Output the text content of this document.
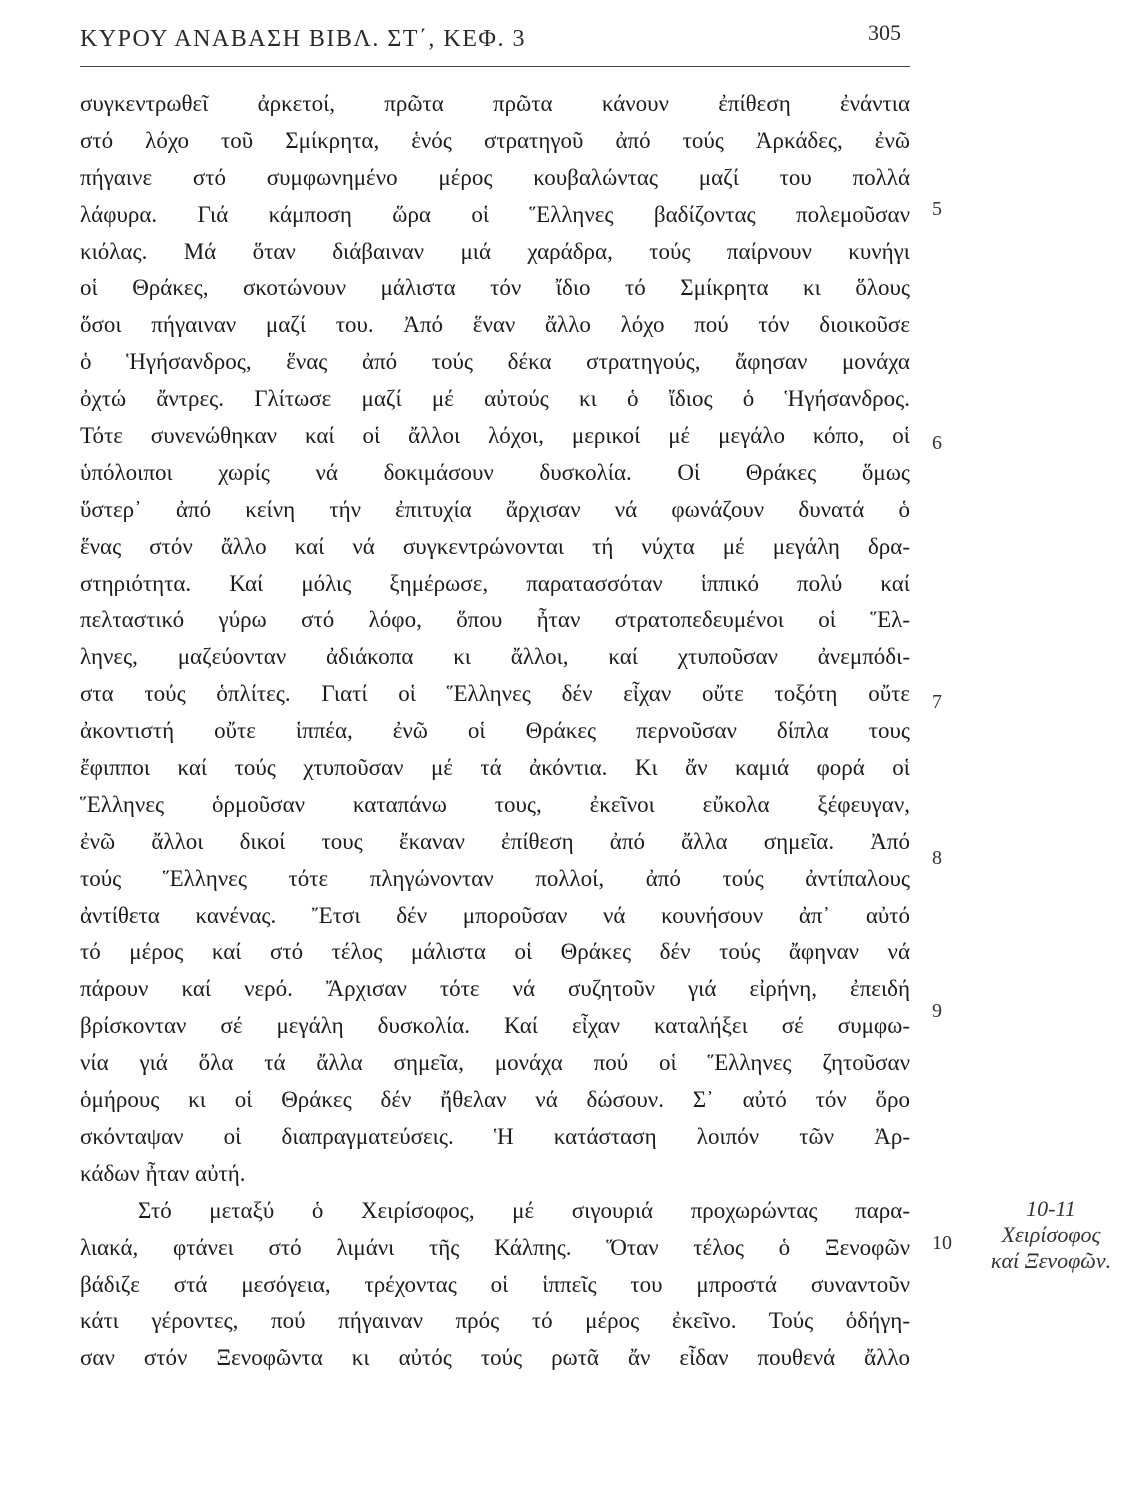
ΚΥΡΟΥ ΑΝΑΒΑΣΗ ΒΙΒΛ. ΣΤ΄, ΚΕΦ. 3	305
συγκεντρωθεῖ ἀρκετοί, πρῶτα πρῶτα κάνουν ἐπίθεση ἐνάντια
στό λόχο τοῦ Σμίκρητα, ἑνός στρατηγοῦ ἀπό τούς Ἀρκάδες, ἐνῶ
πήγαινε στό συμφωνημένο μέρος κουβαλώντας μαζί του πολλά
λάφυρα. Γιά κάμποση ὥρα οἱ Ἕλληνες βαδίζοντας πολεμοῦσαν
κιόλας. Μά ὅταν διάβαιναν μιά χαράδρα, τούς παίρνουν κυνήγι
οἱ Θράκες, σκοτώνουν μάλιστα τόν ἴδιο τό Σμίκρητα κι ὅλους
ὅσοι πήγαιναν μαζί του. Ἀπό ἕναν ἄλλο λόχο πού τόν διοικοῦσε
ὁ Ἡγήσανδρος, ἕνας ἀπό τούς δέκα στρατηγούς, ἄφησαν μονάχα
ὀχτώ ἄντρες. Γλίτωσε μαζί μέ αὐτούς κι ὁ ἴδιος ὁ Ἡγήσανδρος.
Τότε συνενώθηκαν καί οἱ ἄλλοι λόχοι, μερικοί μέ μεγάλο κόπο, οἱ
ὑπόλοιποι χωρίς νά δοκιμάσουν δυσκολία. Οἱ Θράκες ὅμως
ὕστερ᾽ ἀπό κείνη τήν ἐπιτυχία ἄρχισαν νά φωνάζουν δυνατά ὁ
ἕνας στόν ἄλλο καί νά συγκεντρώνονται τή νύχτα μέ μεγάλη δρα-
στηριότητα. Καί μόλις ξημέρωσε, παρατασσόταν ἱππικό πολύ καί
πελταστικό γύρω στό λόφο, ὅπου ἦταν στρατοπεδευμένοι οἱ Ἕλ-
ληνες, μαζεύονταν ἀδιάκοπα κι ἄλλοι, καί χτυποῦσαν ἀνεμπόδι-
στα τούς ὁπλίτες. Γιατί οἱ Ἕλληνες δέν εἶχαν οὔτε τοξότη οὔτε
ἀκοντιστή οὔτε ἱππέα, ἐνῶ οἱ Θράκες περνοῦσαν δίπλα τους
ἔφιπποι καί τούς χτυποῦσαν μέ τά ἀκόντια. Κι ἄν καμιά φορά οἱ
Ἕλληνες ὁρμοῦσαν καταπάνω τους, ἐκεῖνοι εὔκολα ξέφευγαν,
ἐνῶ ἄλλοι δικοί τους ἔκαναν ἐπίθεση ἀπό ἄλλα σημεῖα. Ἀπό
τούς Ἕλληνες τότε πληγώνονταν πολλοί, ἀπό τούς ἀντίπαλους
ἀντίθετα κανένας. Ἔτσι δέν μποροῦσαν νά κουνήσουν ἀπ᾽ αὐτό
τό μέρος καί στό τέλος μάλιστα οἱ Θράκες δέν τούς ἄφηναν νά
πάρουν καί νερό. Ἄρχισαν τότε νά συζητοῦν γιά εἰρήνη, ἐπειδή
βρίσκονταν σέ μεγάλη δυσκολία. Καί εἶχαν καταλήξει σέ συμφω-
νία γιά ὅλα τά ἄλλα σημεῖα, μονάχα πού οἱ Ἕλληνες ζητοῦσαν
ὁμήρους κι οἱ Θράκες δέν ἤθελαν νά δώσουν. Σ᾽ αὐτό τόν ὅρο
σκόνταψαν οἱ διαπραγματεύσεις. Ἡ κατάσταση λοιπόν τῶν Ἀρ-
κάδων ἦταν αὐτή.
Στό μεταξύ ὁ Χειρίσοφος, μέ σιγουριά προχωρώντας παρα-
λιακά, φτάνει στό λιμάνι τῆς Κάλπης. Ὅταν τέλος ὁ Ξενοφῶν
βάδιζε στά μεσόγεια, τρέχοντας οἱ ἱππεῖς του μπροστά συναντοῦν
κάτι γέροντες, πού πήγαιναν πρός τό μέρος ἐκεῖνο. Τούς ὁδήγη-
σαν στόν Ξενοφῶντα κι αὐτός τούς ρωτᾶ ἄν εἶδαν πουθενά ἄλλο
5
6
7
8
9
10
10-11
Χειρίσοφος
καί Ξενοφῶν.
